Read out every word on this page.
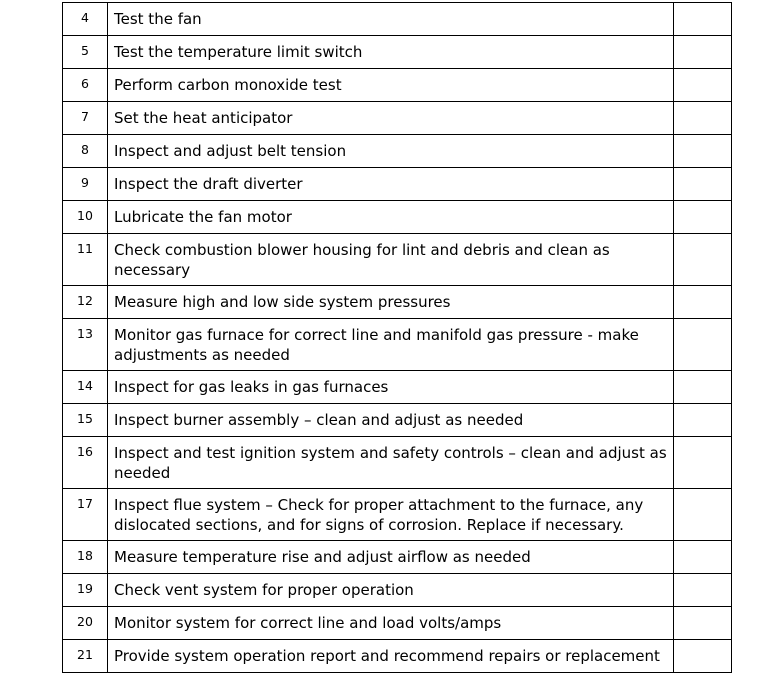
4	Test the fan	
5	Test the temperature limit switch	
6	Perform carbon monoxide test	
7	Set the heat anticipator	
8	Inspect and adjust belt tension	
9	Inspect the draft diverter	
10	Lubricate the fan motor	
11	Check combustion blower housing for lint and debris and clean as necessary	
12	Measure high and low side system pressures	
13	Monitor gas furnace for correct line and manifold gas pressure - make adjustments as needed	
14	Inspect for gas leaks in gas furnaces	
15	Inspect burner assembly – clean and adjust as needed	
16	Inspect and test ignition system and safety controls – clean and adjust as needed	
17	Inspect flue system – Check for proper attachment to the furnace, any dislocated sections, and for signs of corrosion. Replace if necessary.	
18	Measure temperature rise and adjust airflow as needed	
19	Check vent system for proper operation	
20	Monitor system for correct line and load volts/amps	
21	Provide system operation report and recommend repairs or replacement	
